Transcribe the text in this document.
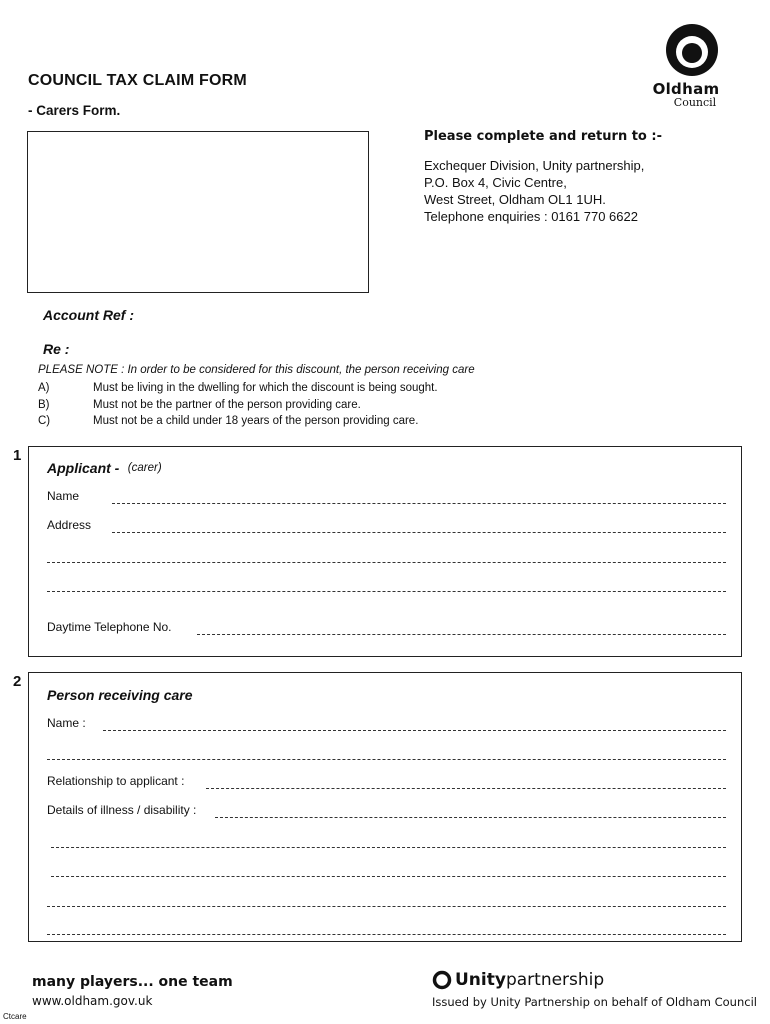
COUNCIL TAX CLAIM FORM
- Carers Form.
Oldham
Council
Please complete and return to :-
Exchequer Division, Unity partnership,
P.O. Box 4, Civic Centre,
West Street, Oldham OL1 1UH.
Telephone enquiries : 0161 770 6622
Account Ref :
Re :
PLEASE NOTE : In order to be considered for this discount, the person receiving care
A)	Must be living in the dwelling for which the discount is being sought.
B)	Must not be the partner of the person providing care.
C)	Must not be a child under 18 years of the person providing care.
1
Applicant - (carer)
Name
Address
Daytime Telephone No.
2
Person receiving care
Name :
Relationship to applicant :
Details of illness / disability :
many players... one team
www.oldham.gov.uk
Ctcare
Unity partnership
Issued by Unity Partnership on behalf of Oldham Council
